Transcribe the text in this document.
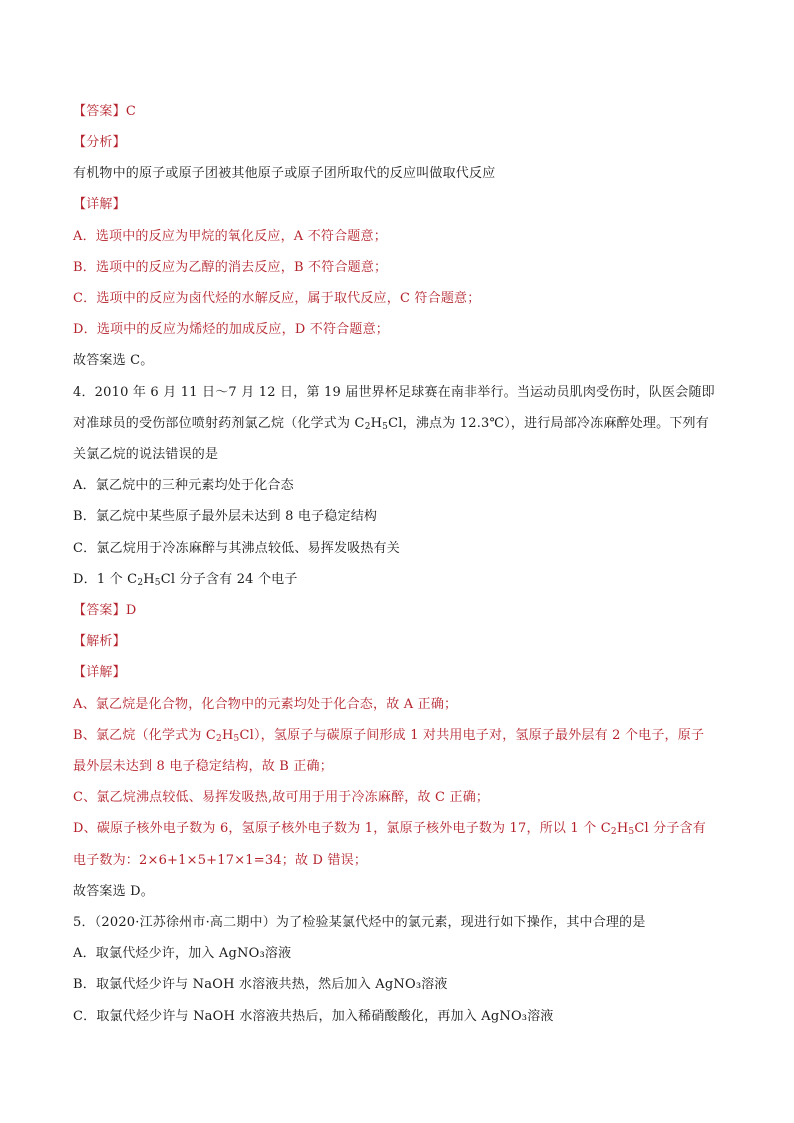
【答案】C
【分析】
有机物中的原子或原子团被其他原子或原子团所取代的反应叫做取代反应
【详解】
A．选项中的反应为甲烷的氧化反应，A 不符合题意；
B．选项中的反应为乙醇的消去反应，B 不符合题意；
C．选项中的反应为卤代烃的水解反应，属于取代反应，C 符合题意；
D．选项中的反应为烯烃的加成反应，D 不符合题意；
故答案选 C。
4．2010 年 6 月 11 日～7 月 12 日，第 19 届世界杯足球赛在南非举行。当运动员肌肉受伤时，队医会随即
对准球员的受伤部位喷射药剂氯乙烷（化学式为 $C_2H_5Cl$，沸点为 12.3℃），进行局部冷冻麻醉处理。下列有
关氯乙烷的说法错误的是
A．氯乙烷中的三种元素均处于化合态
B．氯乙烷中某些原子最外层未达到 8 电子稳定结构
C．氯乙烷用于冷冻麻醉与其沸点较低、易挥发吸热有关
D．1 个 $C_2H_5Cl$ 分子含有 24 个电子
【答案】D
【解析】
【详解】
A、氯乙烷是化合物，化合物中的元素均处于化合态，故 A 正确；
B、氯乙烷（化学式为 $C_2H_5Cl$），氢原子与碳原子间形成 1 对共用电子对，氢原子最外层有 2 个电子，原子
最外层未达到 8 电子稳定结构，故 B 正确；
C、氯乙烷沸点较低、易挥发吸热,故可用于用于冷冻麻醉，故 C 正确；
D、碳原子核外电子数为 6，氢原子核外电子数为 1，氯原子核外电子数为 17，所以 1 个 $C_2H_5Cl$ 分子含有
电子数为：2×6+1×5+17×1=34；故 D 错误；
故答案选 D。
5．（2020·江苏徐州市·高二期中）为了检验某氯代烃中的氯元素，现进行如下操作，其中合理的是
A．取氯代烃少许，加入 AgNO₃溶液
B．取氯代烃少许与 NaOH 水溶液共热，然后加入 AgNO₃溶液
C．取氯代烃少许与 NaOH 水溶液共热后，加入稀硝酸酸化，再加入 AgNO₃溶液
